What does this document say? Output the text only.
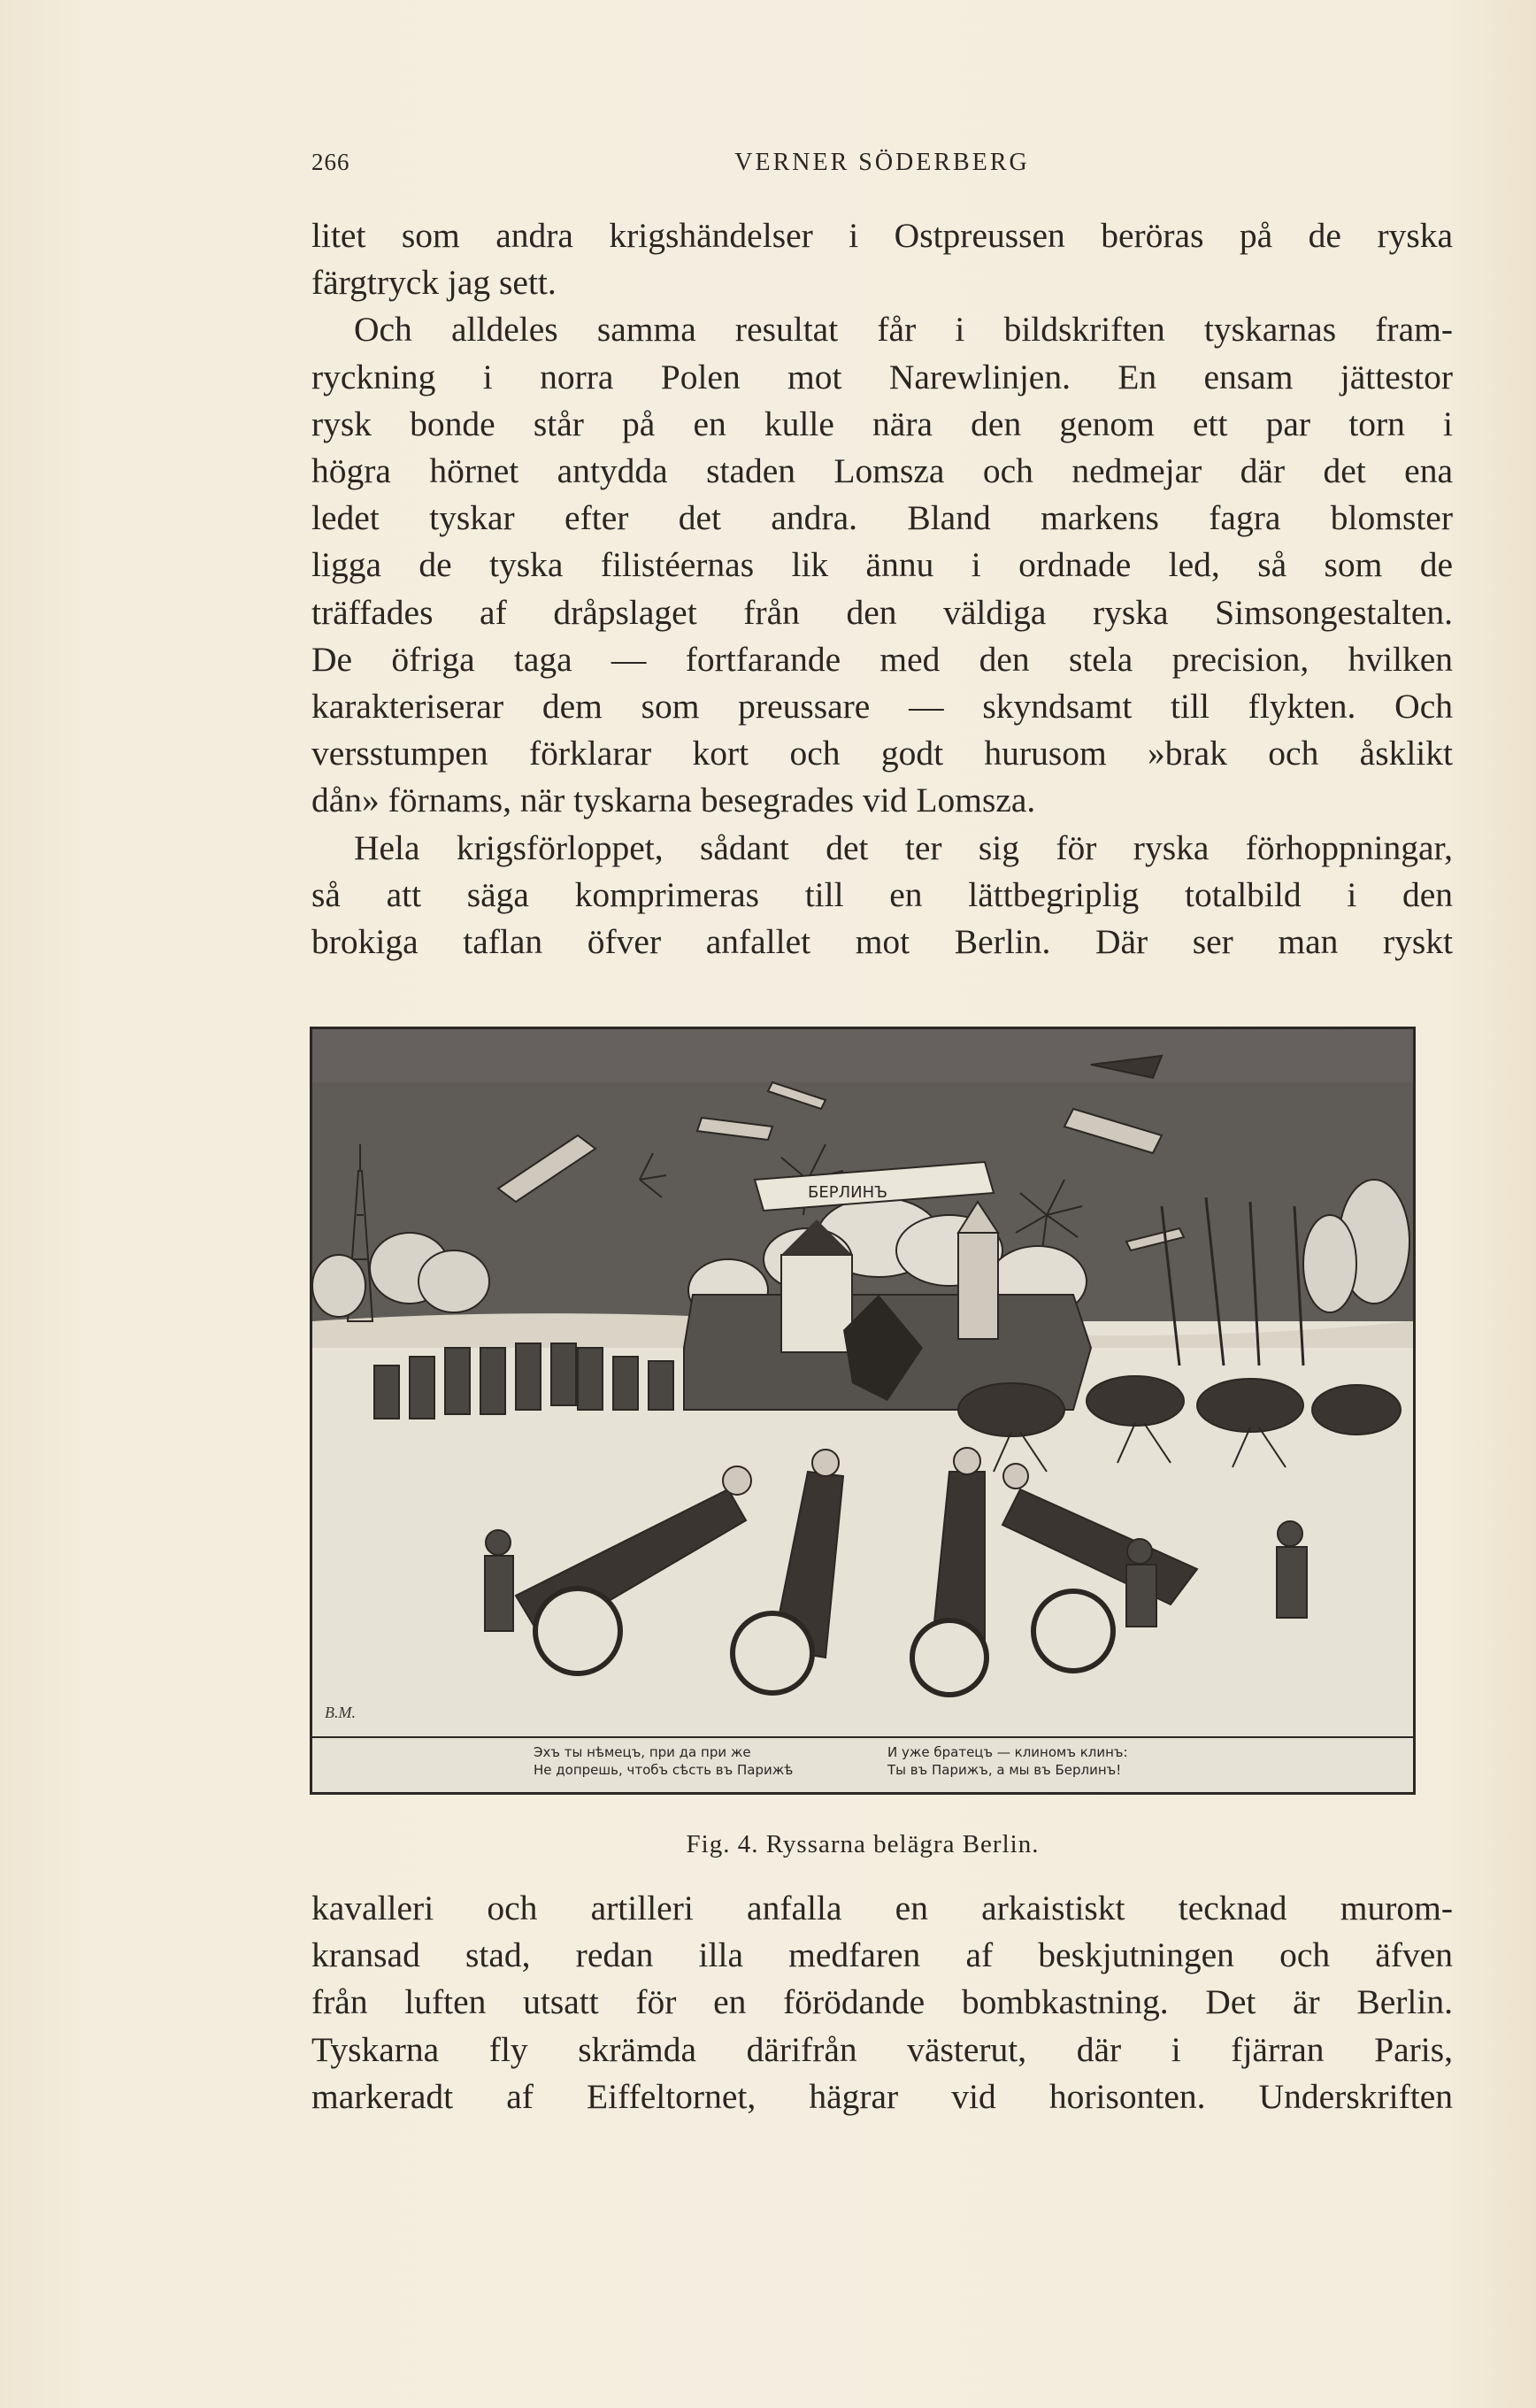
266	VERNER SÖDERBERG

litet som andra krigshändelser i Ostpreussen beröras på de ryska

färgtryck jag sett.

Och alldeles samma resultat får i bildskriften tyskarnas fram-

ryckning i norra Polen mot Narewlinjen. En ensam jättestor

rysk bonde står på en kulle nära den genom ett par torn i

högra hörnet antydda staden Lomsza och nedmejar där det ena

ledet tyskar efter det andra. Bland markens fagra blomster

ligga de tyska filistéernas lik ännu i ordnade led, så som de

träffades af dråpslaget från den väldiga ryska Simsongestalten.

De öfriga taga — fortfarande med den stela precision, hvilken

karakteriserar dem som preussare — skyndsamt till flykten. Och

versstumpen förklarar kort och godt hurusom »brak och åsklikt

dån» förnams, när tyskarna besegrades vid Lomsza.

Hela krigsförloppet, sådant det ter sig för ryska förhoppningar,

så att säga komprimeras till en lättbegriplig totalbild i den

brokiga taflan öfver anfallet mot Berlin. Där ser man ryskt

БЕРЛИНЪ
В.М.
Эхъ ты нѣмецъ, при да при же
Не допрешь, чтобъ сѣсть въ Парижѣ
И уже братецъ — клиномъ клинъ:
Ты въ Парижъ, а мы въ Берлинъ!
Fig. 4. Ryssarna belägra Berlin.

kavalleri och artilleri anfalla en arkaistiskt tecknad murom-

kransad stad, redan illa medfaren af beskjutningen och äfven

från luften utsatt för en förödande bombkastning. Det är Berlin.

Tyskarna fly skrämda därifrån västerut, där i fjärran Paris,

markeradt af Eiffeltornet, hägrar vid horisonten. Underskriften
